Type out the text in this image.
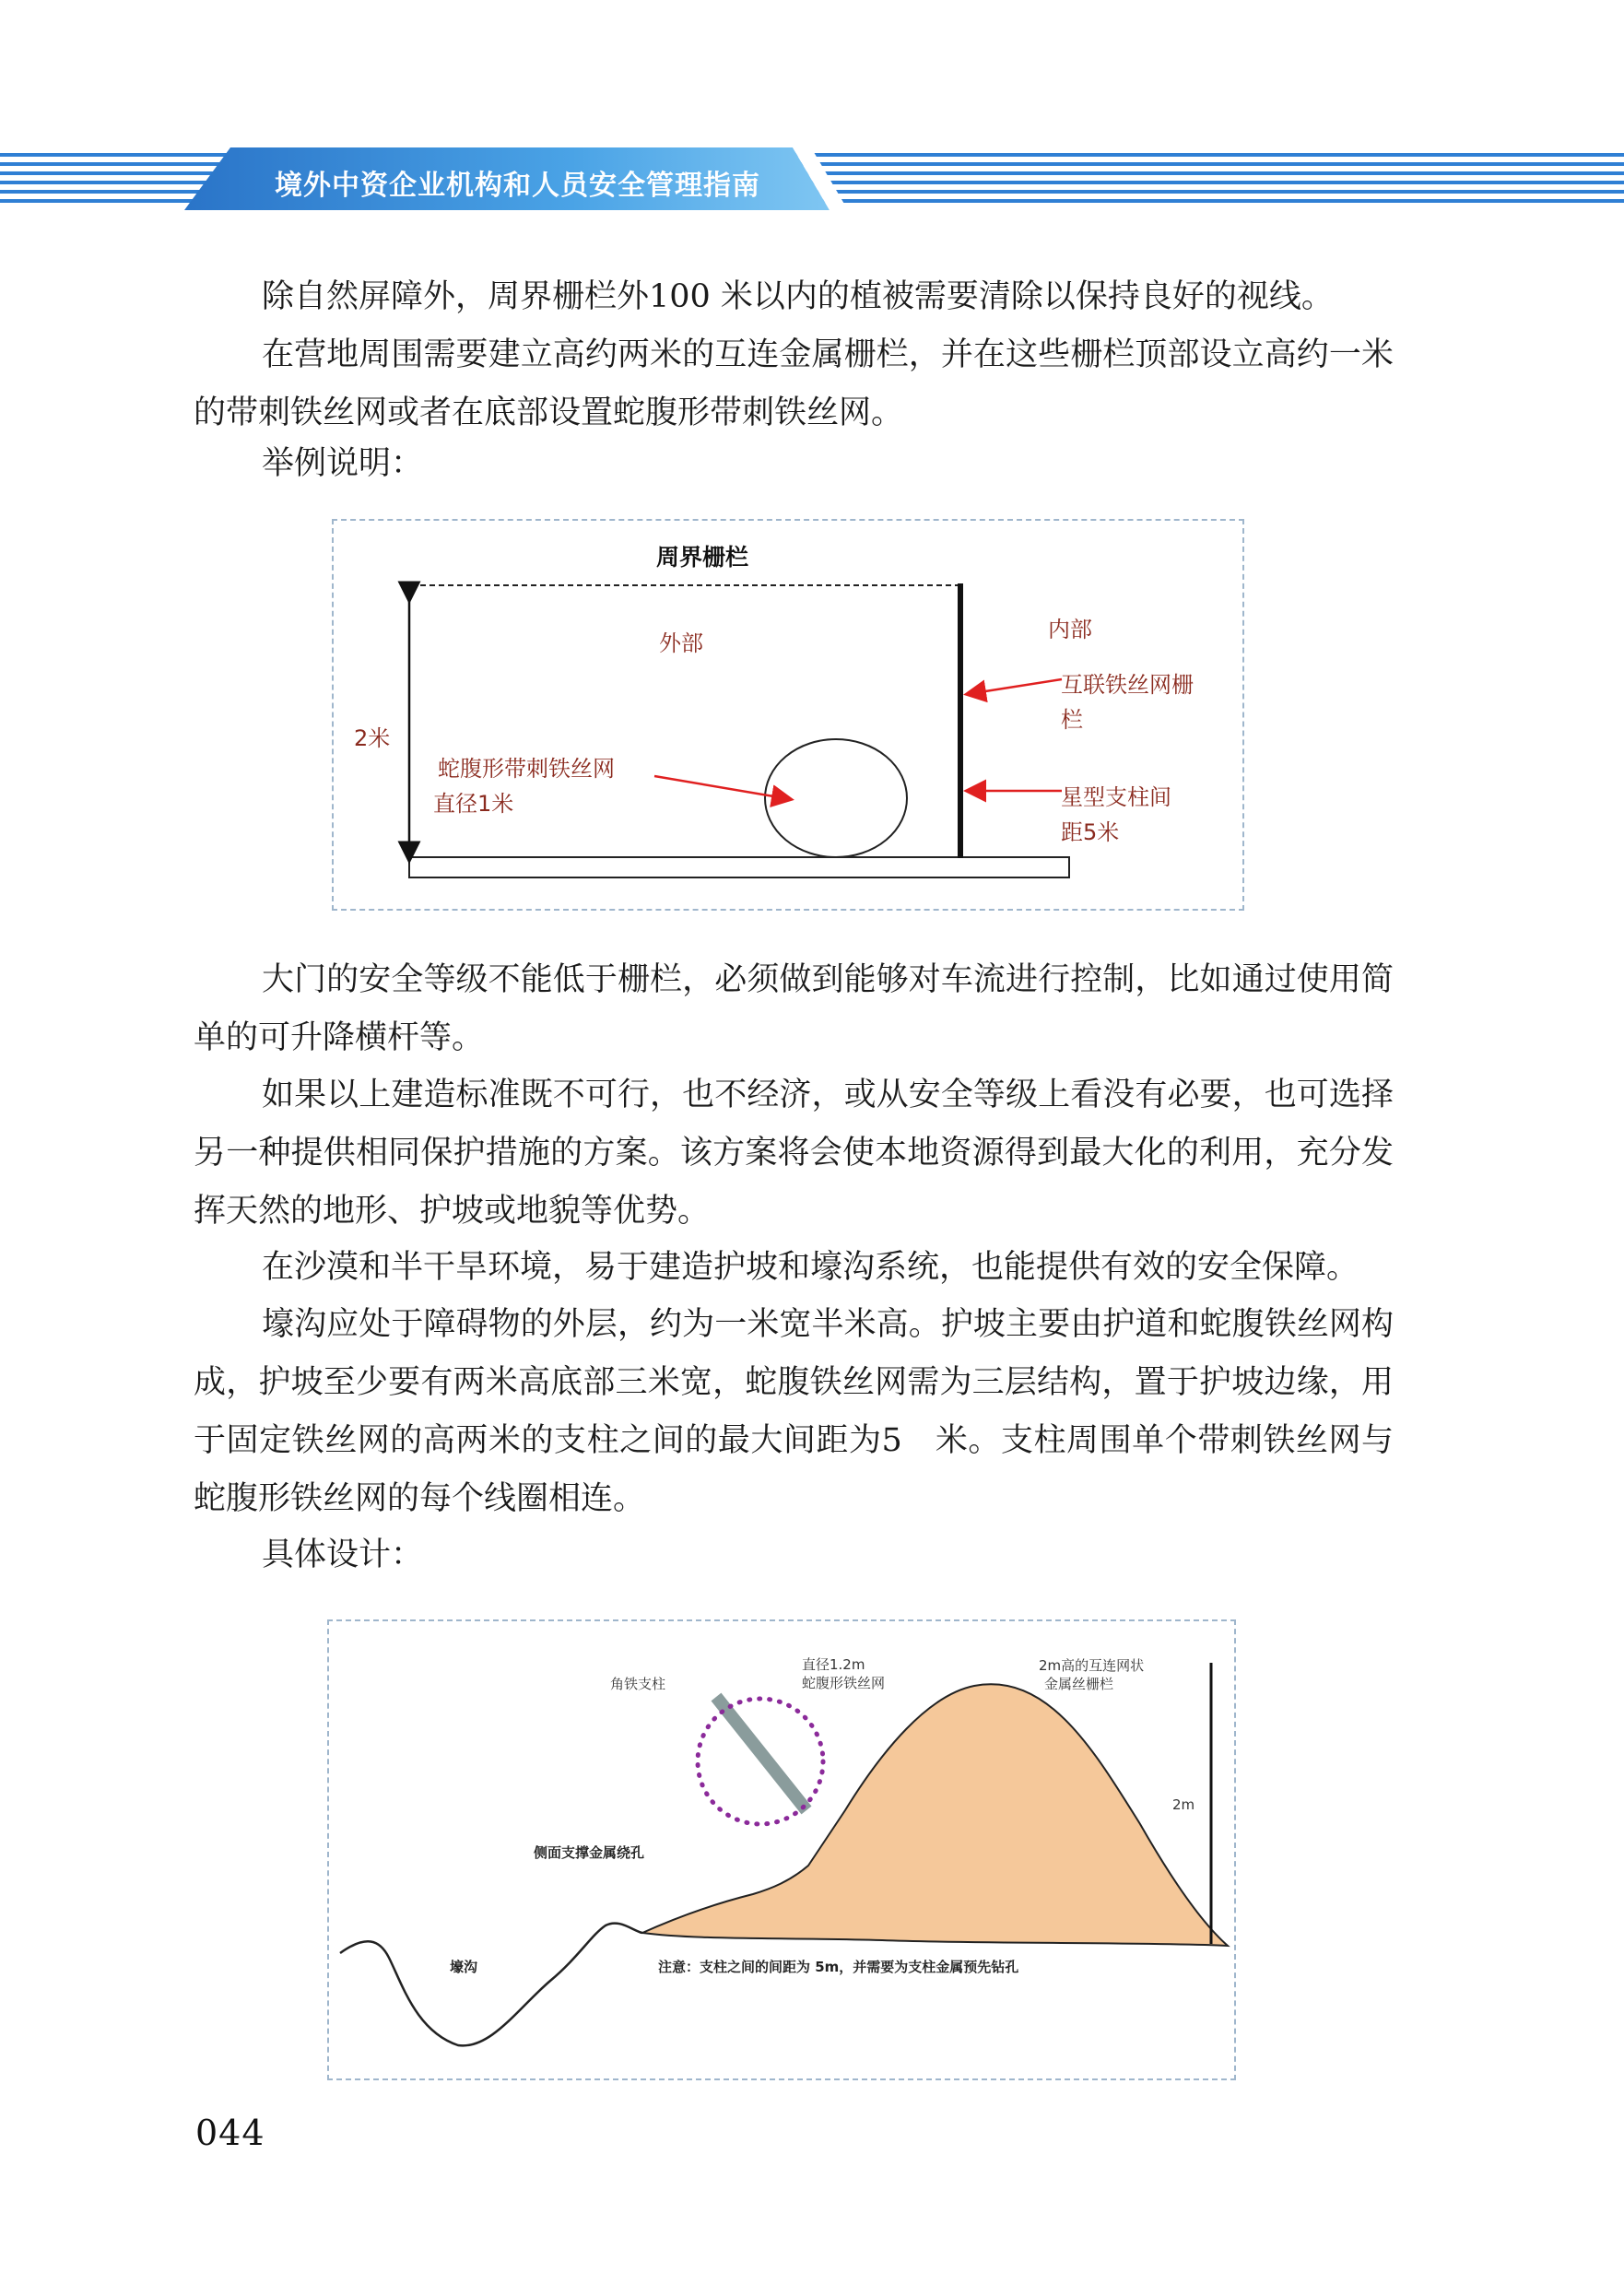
境外中资企业机构和人员安全管理指南

除自然屏障外，周界栅栏外100 米以内的植被需要清除以保持良好的视线。

在营地周围需要建立高约两米的互连金属栅栏，并在这些栅栏顶部设立高约一米的带刺铁丝网或者在底部设置蛇腹形带刺铁丝网。

举例说明：

周界栅栏
外部
内部
2米
蛇腹形带刺铁丝网
直径1米
互联铁丝网栅
栏
星型支柱间
距5米

大门的安全等级不能低于栅栏，必须做到能够对车流进行控制，比如通过使用简单的可升降横杆等。

如果以上建造标准既不可行，也不经济，或从安全等级上看没有必要，也可选择另一种提供相同保护措施的方案。该方案将会使本地资源得到最大化的利用，充分发挥天然的地形、护坡或地貌等优势。

在沙漠和半干旱环境，易于建造护坡和壕沟系统，也能提供有效的安全保障。

壕沟应处于障碍物的外层，约为一米宽半米高。护坡主要由护道和蛇腹铁丝网构成，护坡至少要有两米高底部三米宽，蛇腹铁丝网需为三层结构，置于护坡边缘，用于固定铁丝网的高两米的支柱之间的最大间距为5　米。支柱周围单个带刺铁丝网与蛇腹形铁丝网的每个线圈相连。

具体设计：

角铁支柱
直径1.2m
蛇腹形铁丝网
2m高的互连网状
金属丝栅栏
2m
侧面支撑金属绕孔
壕沟	注意：支柱之间的间距为 5m，并需要为支柱金属预先钻孔
044
